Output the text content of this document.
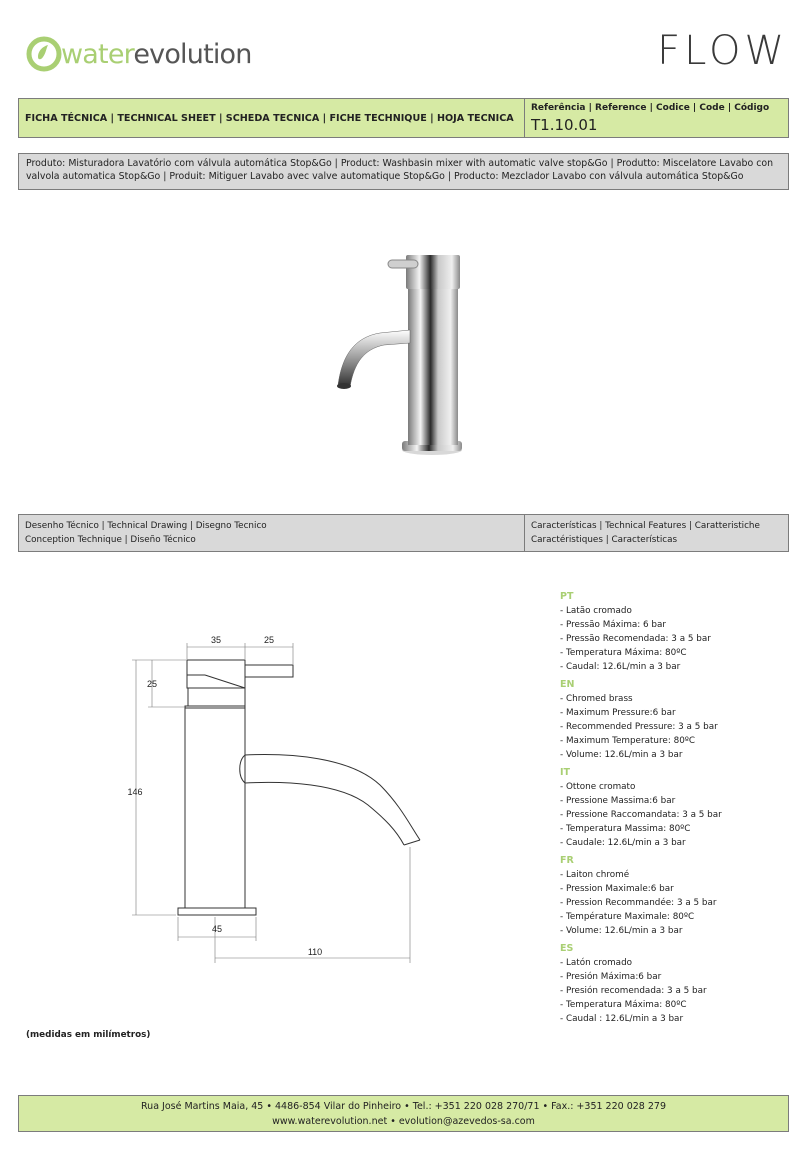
waterevolution	FLOW
FICHA TÉCNICA | TECHNICAL SHEET | SCHEDA TECNICA | FICHE TECHNIQUE | HOJA TECNICA
Referência | Reference | Codice | Code | Código
T1.10.01
Produto: Misturadora Lavatório com válvula automática Stop&Go | Product: Washbasin mixer with automatic valve stop&Go | Produtto: Miscelatore Lavabo con valvola automatica Stop&Go | Produit: Mitiguer Lavabo avec valve automatique Stop&Go | Producto: Mezclador Lavabo con válvula automática Stop&Go
Desenho Técnico | Technical Drawing | Disegno Tecnico
Conception Technique | Diseño Técnico
Características | Technical Features | Caratteristiche
Caractéristiques | Características
35	25
25
146
45
110
(medidas em milímetros)
PT
- Latão cromado
- Pressão Máxima: 6 bar
- Pressão Recomendada: 3 a 5 bar
- Temperatura Máxima: 80ºC
- Caudal: 12.6L/min a 3 bar
EN
- Chromed brass
- Maximum Pressure:6 bar
- Recommended Pressure: 3 a 5 bar
- Maximum Temperature: 80ºC
- Volume: 12.6L/min a 3 bar
IT
- Ottone cromato
- Pressione Massima:6 bar
- Pressione Raccomandata: 3 a 5 bar
- Temperatura Massima: 80ºC
- Caudale: 12.6L/min a 3 bar
FR
- Laiton chromé
- Pression Maximale:6 bar
- Pression Recommandée: 3 a 5 bar
- Température Maximale: 80ºC
- Volume: 12.6L/min a 3 bar
ES
- Latón cromado
- Presión Máxima:6 bar
- Presión recomendada: 3 a 5 bar
- Temperatura Máxima: 80ºC
- Caudal : 12.6L/min a 3 bar
Rua José Martins Maia, 45 • 4486-854 Vilar do Pinheiro • Tel.: +351 220 028 270/71 • Fax.: +351 220 028 279
www.waterevolution.net • evolution@azevedos-sa.com
